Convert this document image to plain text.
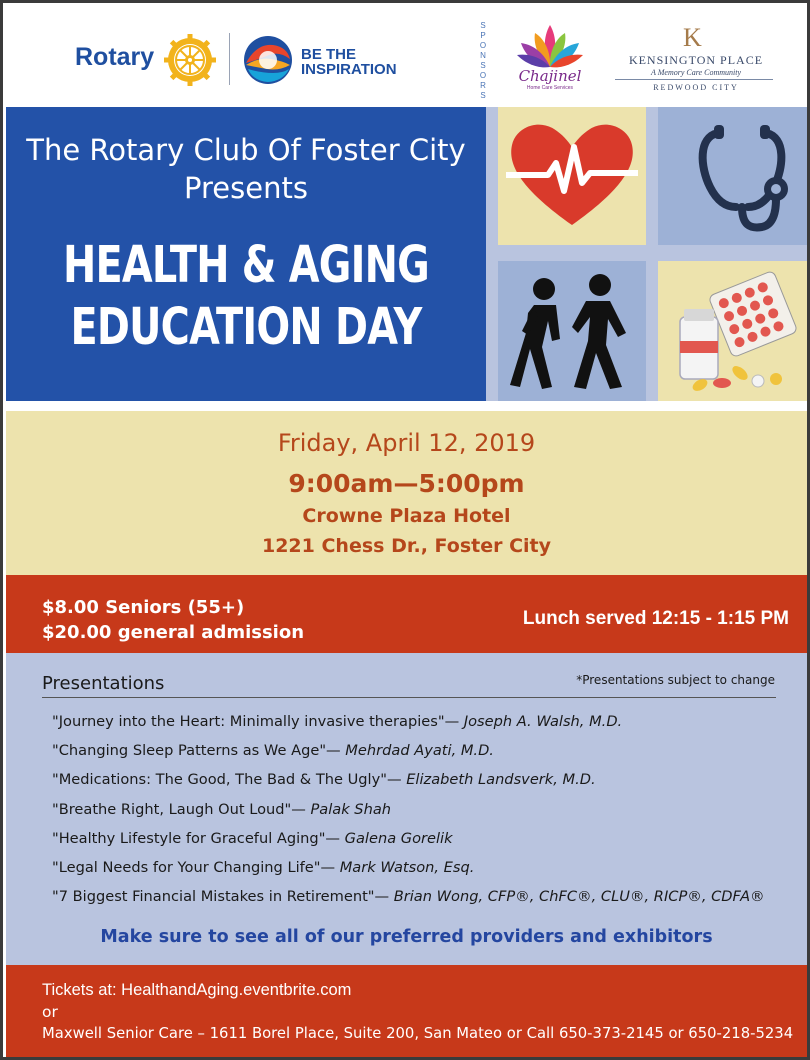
Rotary	BE THE
INSPIRATION
S
P
O
N
S
O
R
S
Chajinel
Home Care Services
K
KENSINGTON PLACE
A Memory Care Community
REDWOOD CITY
The Rotary Club Of Foster City
Presents
HEALTH & AGING
EDUCATION DAY
Friday, April 12, 2019
9:00am—5:00pm
Crowne Plaza Hotel
1221 Chess Dr., Foster City
$8.00 Seniors (55+)
$20.00 general admission
Lunch served 12:15 - 1:15 PM
Presentations	*Presentations subject to change
"Journey into the Heart: Minimally invasive therapies"— Joseph A. Walsh, M.D.
"Changing Sleep Patterns as We Age"— Mehrdad Ayati, M.D.
"Medications: The Good, The Bad & The Ugly"— Elizabeth Landsverk, M.D.
"Breathe Right, Laugh Out Loud"— Palak Shah
"Healthy Lifestyle for Graceful Aging"— Galena Gorelik
"Legal Needs for Your Changing Life"— Mark Watson, Esq.
"7 Biggest Financial Mistakes in Retirement"— Brian Wong, CFP®, ChFC®, CLU®, RICP®, CDFA®
Make sure to see all of our preferred providers and exhibitors
Tickets at: HealthandAging.eventbrite.com
or
Maxwell Senior Care – 1611 Borel Place, Suite 200, San Mateo or Call 650-373-2145 or 650-218-5234
